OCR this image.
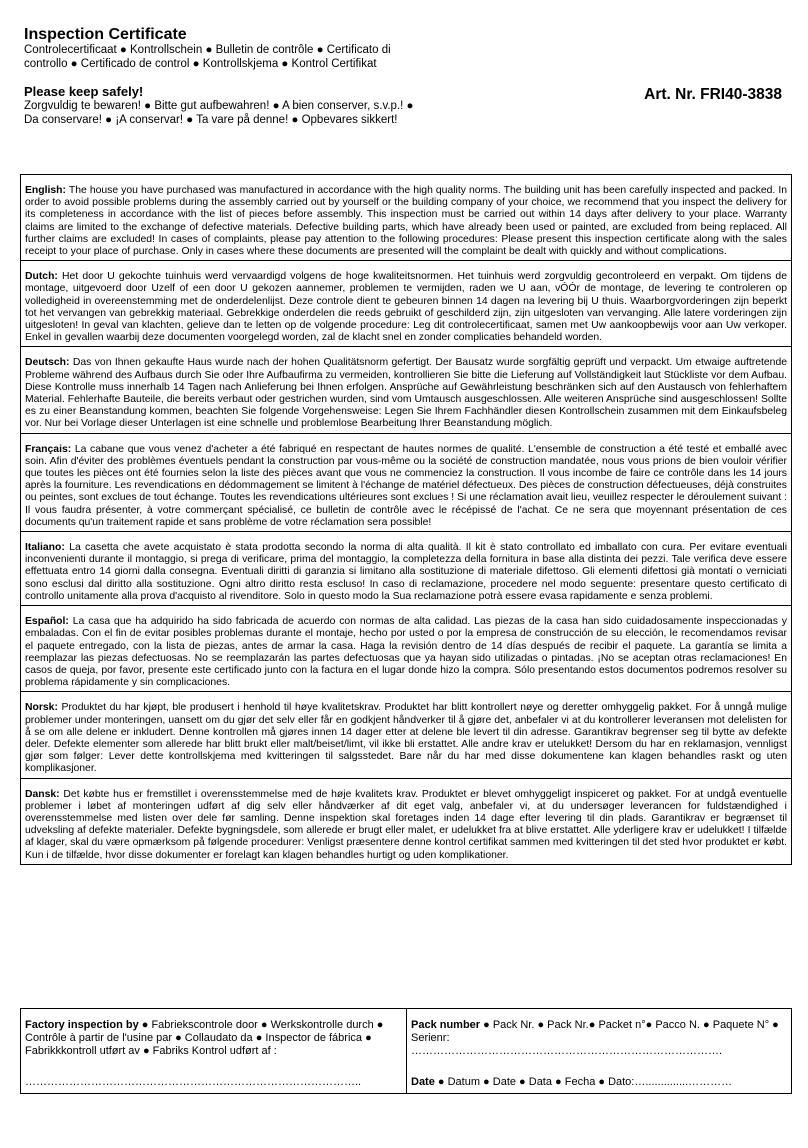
Inspection Certificate
Controlecertificaat ● Kontrollschein ● Bulletin de contrôle ● Certificato di controllo ● Certificado de control ● Kontrollskjema ● Kontrol Certifikat
Please keep safely!
Zorgvuldig te bewaren! ● Bitte gut aufbewahren! ● A bien conserver, s.v.p.! ● Da conservare! ● ¡A conservar! ● Ta vare på denne! ● Opbevares sikkert!
Art. Nr. FRI40-3838
English: The house you have purchased was manufactured in accordance with the high quality norms. The building unit has been carefully inspected and packed. In order to avoid possible problems during the assembly carried out by yourself or the building company of your choice, we recommend that you inspect the delivery for its completeness in accordance with the list of pieces before assembly. This inspection must be carried out within 14 days after delivery to your place. Warranty claims are limited to the exchange of defective materials. Defective building parts, which have already been used or painted, are excluded from being replaced. All further claims are excluded! In cases of complaints, please pay attention to the following procedures: Please present this inspection certificate along with the sales receipt to your place of purchase. Only in cases where these documents are presented will the complaint be dealt with quickly and without complications.
Dutch: Het door U gekochte tuinhuis werd vervaardigd volgens de hoge kwaliteitsnormen. Het tuinhuis werd zorgvuldig gecontroleerd en verpakt. Om tijdens de montage, uitgevoerd door Uzelf of een door U gekozen aannemer, problemen te vermijden, raden we U aan, vÓÓr de montage, de levering te controleren op volledigheid in overeenstemming met de onderdelenlijst. Deze controle dient te gebeuren binnen 14 dagen na levering bij U thuis. Waarborgvorderingen zijn beperkt tot het vervangen van gebrekkig materiaal. Gebrekkige onderdelen die reeds gebruikt of geschilderd zijn, zijn uitgesloten van vervanging. Alle latere vorderingen zijn uitgesloten! In geval van klachten, gelieve dan te letten op de volgende procedure: Leg dit controlecertificaat, samen met Uw aankoopbewijs voor aan Uw verkoper. Enkel in gevallen waarbij deze documenten voorgelegd worden, zal de klacht snel en zonder complicaties behandeld worden.
Deutsch: Das von Ihnen gekaufte Haus wurde nach der hohen Qualitätsnorm gefertigt. Der Bausatz wurde sorgfältig geprüft und verpackt. Um etwaige auftretende Probleme während des Aufbaus durch Sie oder Ihre Aufbaufirma zu vermeiden, kontrollieren Sie bitte die Lieferung auf Vollständigkeit laut Stückliste vor dem Aufbau. Diese Kontrolle muss innerhalb 14 Tagen nach Anlieferung bei Ihnen erfolgen. Ansprüche auf Gewährleistung beschränken sich auf den Austausch von fehlerhaftem Material. Fehlerhafte Bauteile, die bereits verbaut oder gestrichen wurden, sind vom Umtausch ausgeschlossen. Alle weiteren Ansprüche sind ausgeschlossen! Sollte es zu einer Beanstandung kommen, beachten Sie folgende Vorgehensweise: Legen Sie Ihrem Fachhändler diesen Kontrollschein zusammen mit dem Einkaufsbeleg vor. Nur bei Vorlage dieser Unterlagen ist eine schnelle und problemlose Bearbeitung Ihrer Beanstandung möglich.
Français: La cabane que vous venez d'acheter a été fabriqué en respectant de hautes normes de qualité. L'ensemble de construction a été testé et emballé avec soin. Afin d'éviter des problèmes éventuels pendant la construction par vous-même ou la société de construction mandatée, nous vous prions de bien vouloir vérifier que toutes les pièces ont été fournies selon la liste des pièces avant que vous ne commenciez la construction. Il vous incombe de faire ce contrôle dans les 14 jours après la fourniture. Les revendications en dédommagement se limitent à l'échange de matériel défectueux. Des pièces de construction défectueuses, déjà construites ou peintes, sont exclues de tout échange. Toutes les revendications ultérieures sont exclues ! Si une réclamation avait lieu, veuillez respecter le déroulement suivant : Il vous faudra présenter, à votre commerçant spécialisé, ce bulletin de contrôle avec le récépissé de l'achat. Ce ne sera que moyennant présentation de ces documents qu'un traitement rapide et sans problème de votre réclamation sera possible!
Italiano: La casetta che avete acquistato è stata prodotta secondo la norma di alta qualità. Il kit è stato controllato ed imballato con cura. Per evitare eventuali inconvenienti durante il montaggio, si prega di verificare, prima del montaggio, la completezza della fornitura in base alla distinta dei pezzi. Tale verifica deve essere effettuata entro 14 giorni dalla consegna. Eventuali diritti di garanzia si limitano alla sostituzione di materiale difettoso. Gli elementi difettosi già montati o verniciati sono esclusi dal diritto alla sostituzione. Ogni altro diritto resta escluso! In caso di reclamazione, procedere nel modo seguente: presentare questo certificato di controllo unitamente alla prova d'acquisto al rivenditore. Solo in questo modo la Sua reclamazione potrà essere evasa rapidamente e senza problemi.
Español: La casa que ha adquirido ha sido fabricada de acuerdo con normas de alta calidad. Las piezas de la casa han sido cuidadosamente inspeccionadas y embaladas. Con el fin de evitar posibles problemas durante el montaje, hecho por usted o por la empresa de construcción de su elección, le recomendamos revisar el paquete entregado, con la lista de piezas, antes de armar la casa. Haga la revisión dentro de 14 días después de recibir el paquete. La garantía se limita a reemplazar las piezas defectuosas. No se reemplazarán las partes defectuosas que ya hayan sido utilizadas o pintadas. ¡No se aceptan otras reclamaciones! En casos de queja, por favor, presente este certificado junto con la factura en el lugar donde hizo la compra. Sólo presentando estos documentos podremos resolver su problema rápidamente y sin complicaciones.
Norsk: Produktet du har kjøpt, ble produsert i henhold til høye kvalitetskrav. Produktet har blitt kontrollert nøye og deretter omhyggelig pakket. For å unngå mulige problemer under monteringen, uansett om du gjør det selv eller får en godkjent håndverker til å gjøre det, anbefaler vi at du kontrollerer leveransen mot delelisten for å se om alle delene er inkludert. Denne kontrollen må gjøres innen 14 dager etter at delene ble levert til din adresse. Garantikrav begrenser seg til bytte av defekte deler. Defekte elementer som allerede har blitt brukt eller malt/beiset/limt, vil ikke bli erstattet. Alle andre krav er utelukket! Dersom du har en reklamasjon, vennligst gjør som følger: Lever dette kontrollskjema med kvitteringen til salgsstedet. Bare når du har med disse dokumentene kan klagen behandles raskt og uten komplikasjoner.
Dansk: Det købte hus er fremstillet i overensstemmelse med de høje kvalitets krav. Produktet er blevet omhyggeligt inspiceret og pakket. For at undgå eventuelle problemer i løbet af monteringen udført af dig selv eller håndværker af dit eget valg, anbefaler vi, at du undersøger leverancen for fuldstændighed i overensstemmelse med listen over dele før samling. Denne inspektion skal foretages inden 14 dage efter levering til din plads. Garantikrav er begrænset til udveksling af defekte materialer. Defekte bygningsdele, som allerede er brugt eller malet, er udelukket fra at blive erstattet. Alle yderligere krav er udelukket! I tilfælde af klager, skal du være opmærksom på følgende procedurer: Venligst præsentere denne kontrol certifikat sammen med kvitteringen til det sted hvor produktet er købt. Kun i de tilfælde, hvor disse dokumenter er forelagt kan klagen behandles hurtigt og uden komplikationer.
Factory inspection by ● Fabriekscontrole door ● Werkskontrolle durch ● Contrôle à partir de l'usine par ● Collaudato da ● Inspector de fábrica ● Fabrikkkontroll utført av ● Fabriks Kontrol udført af :
………………………………………………………………………………..
Pack number ● Pack Nr. ● Pack Nr.● Packet n°● Pacco N. ● Paquete N° ● Serienr:
………………………………………………………………………….
Date ● Datum ● Date ● Data ● Fecha ● Dato:…..............…………
